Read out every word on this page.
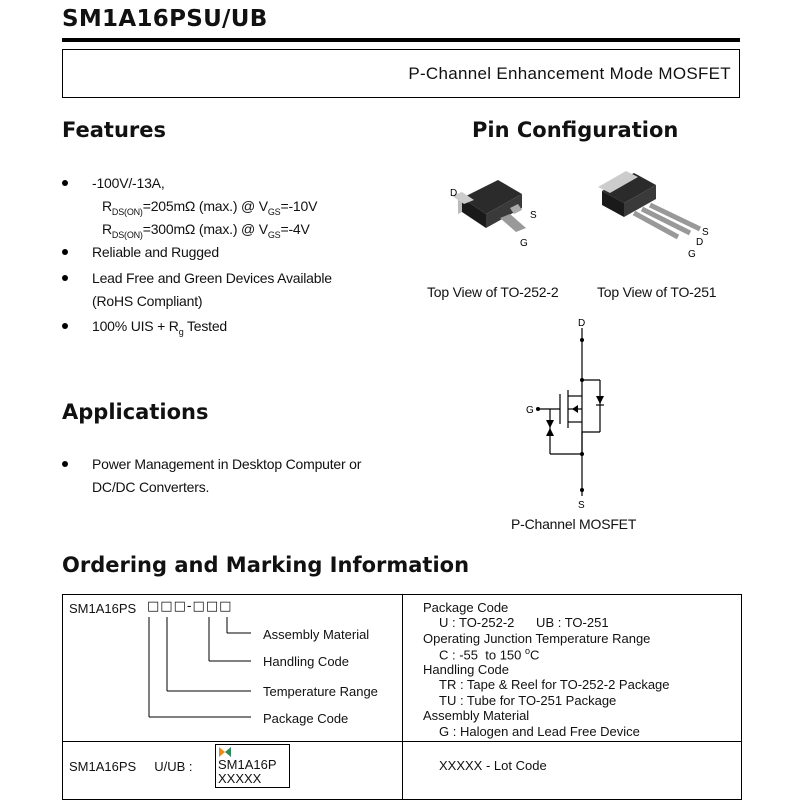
SM1A16PSU/UB
P-Channel Enhancement Mode MOSFET
Features
-100V/-13A,
$R_{DS(ON)}=205m\Omega$ (max.) @ $V_{GS}=-10V$
$R_{DS(ON)}=300m\Omega$ (max.) @ $V_{GS}=-4V$
Reliable and Rugged
Lead Free and Green Devices Available
(RoHS Compliant)
100% UIS + $R_g$ Tested
Applications
Power Management in Desktop Computer or
DC/DC Converters.
Pin Configuration
D
S
G
Top View of TO-252-2
S
D
G
Top View of TO-251
D
G
S
P-Channel MOSFET
Ordering and Marking Information
SM1A16PS □□□-□□□
Assembly Material
Handling Code
Temperature Range
Package Code
Package Code
U : TO-252-2      UB : TO-251
Operating Junction Temperature Range
C : -55  to 150 $^o$C
Handling Code
TR : Tape & Reel for TO-252-2 Package
TU : Tube for TO-251 Package
Assembly Material
G : Halogen and Lead Free Device
SM1A16PS     U/UB : SM1A16P
XXXXX
XXXXX - Lot Code
